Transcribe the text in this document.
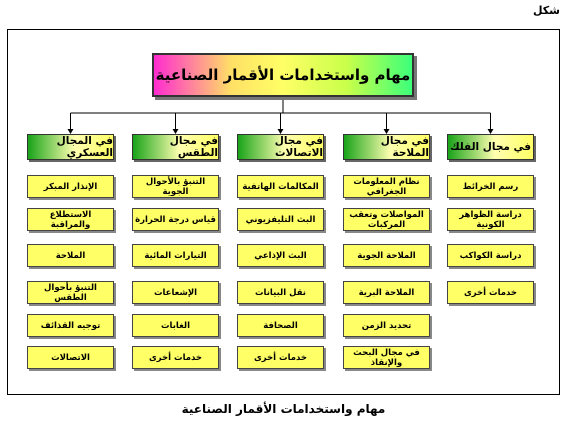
شكل
مهام واستخدامات الأقمار الصناعية
في مجال الفلك
رسم الخرائط
دراسة الظواهر الكونية
دراسة الكواكب
خدمات أخرى
في مجال الملاحة
نظام المعلومات الجغرافي
المواصلات وتعقب المركبات
الملاحة الجوية
الملاحة البرية
تحديد الزمن
في مجال البحث والإنقاذ
في مجال الاتصالات
المكالمات الهاتفية
البث التليفزيوني
البث الإذاعي
نقل البيانات
الصحافة
خدمات أخرى
في مجال الطقس
التنبؤ بالأحوال الجوية
قياس درجة الحرارة
التيارات المائية
الإشعاعات
الغابات
خدمات أخرى
في المجال العسكري
الإنذار المبكر
الاستطلاع والمراقبة
الملاحة
التنبؤ بأحوال الطقس
توجيه القذائف
الاتصالات
مهام واستخدامات الأقمار الصناعية
